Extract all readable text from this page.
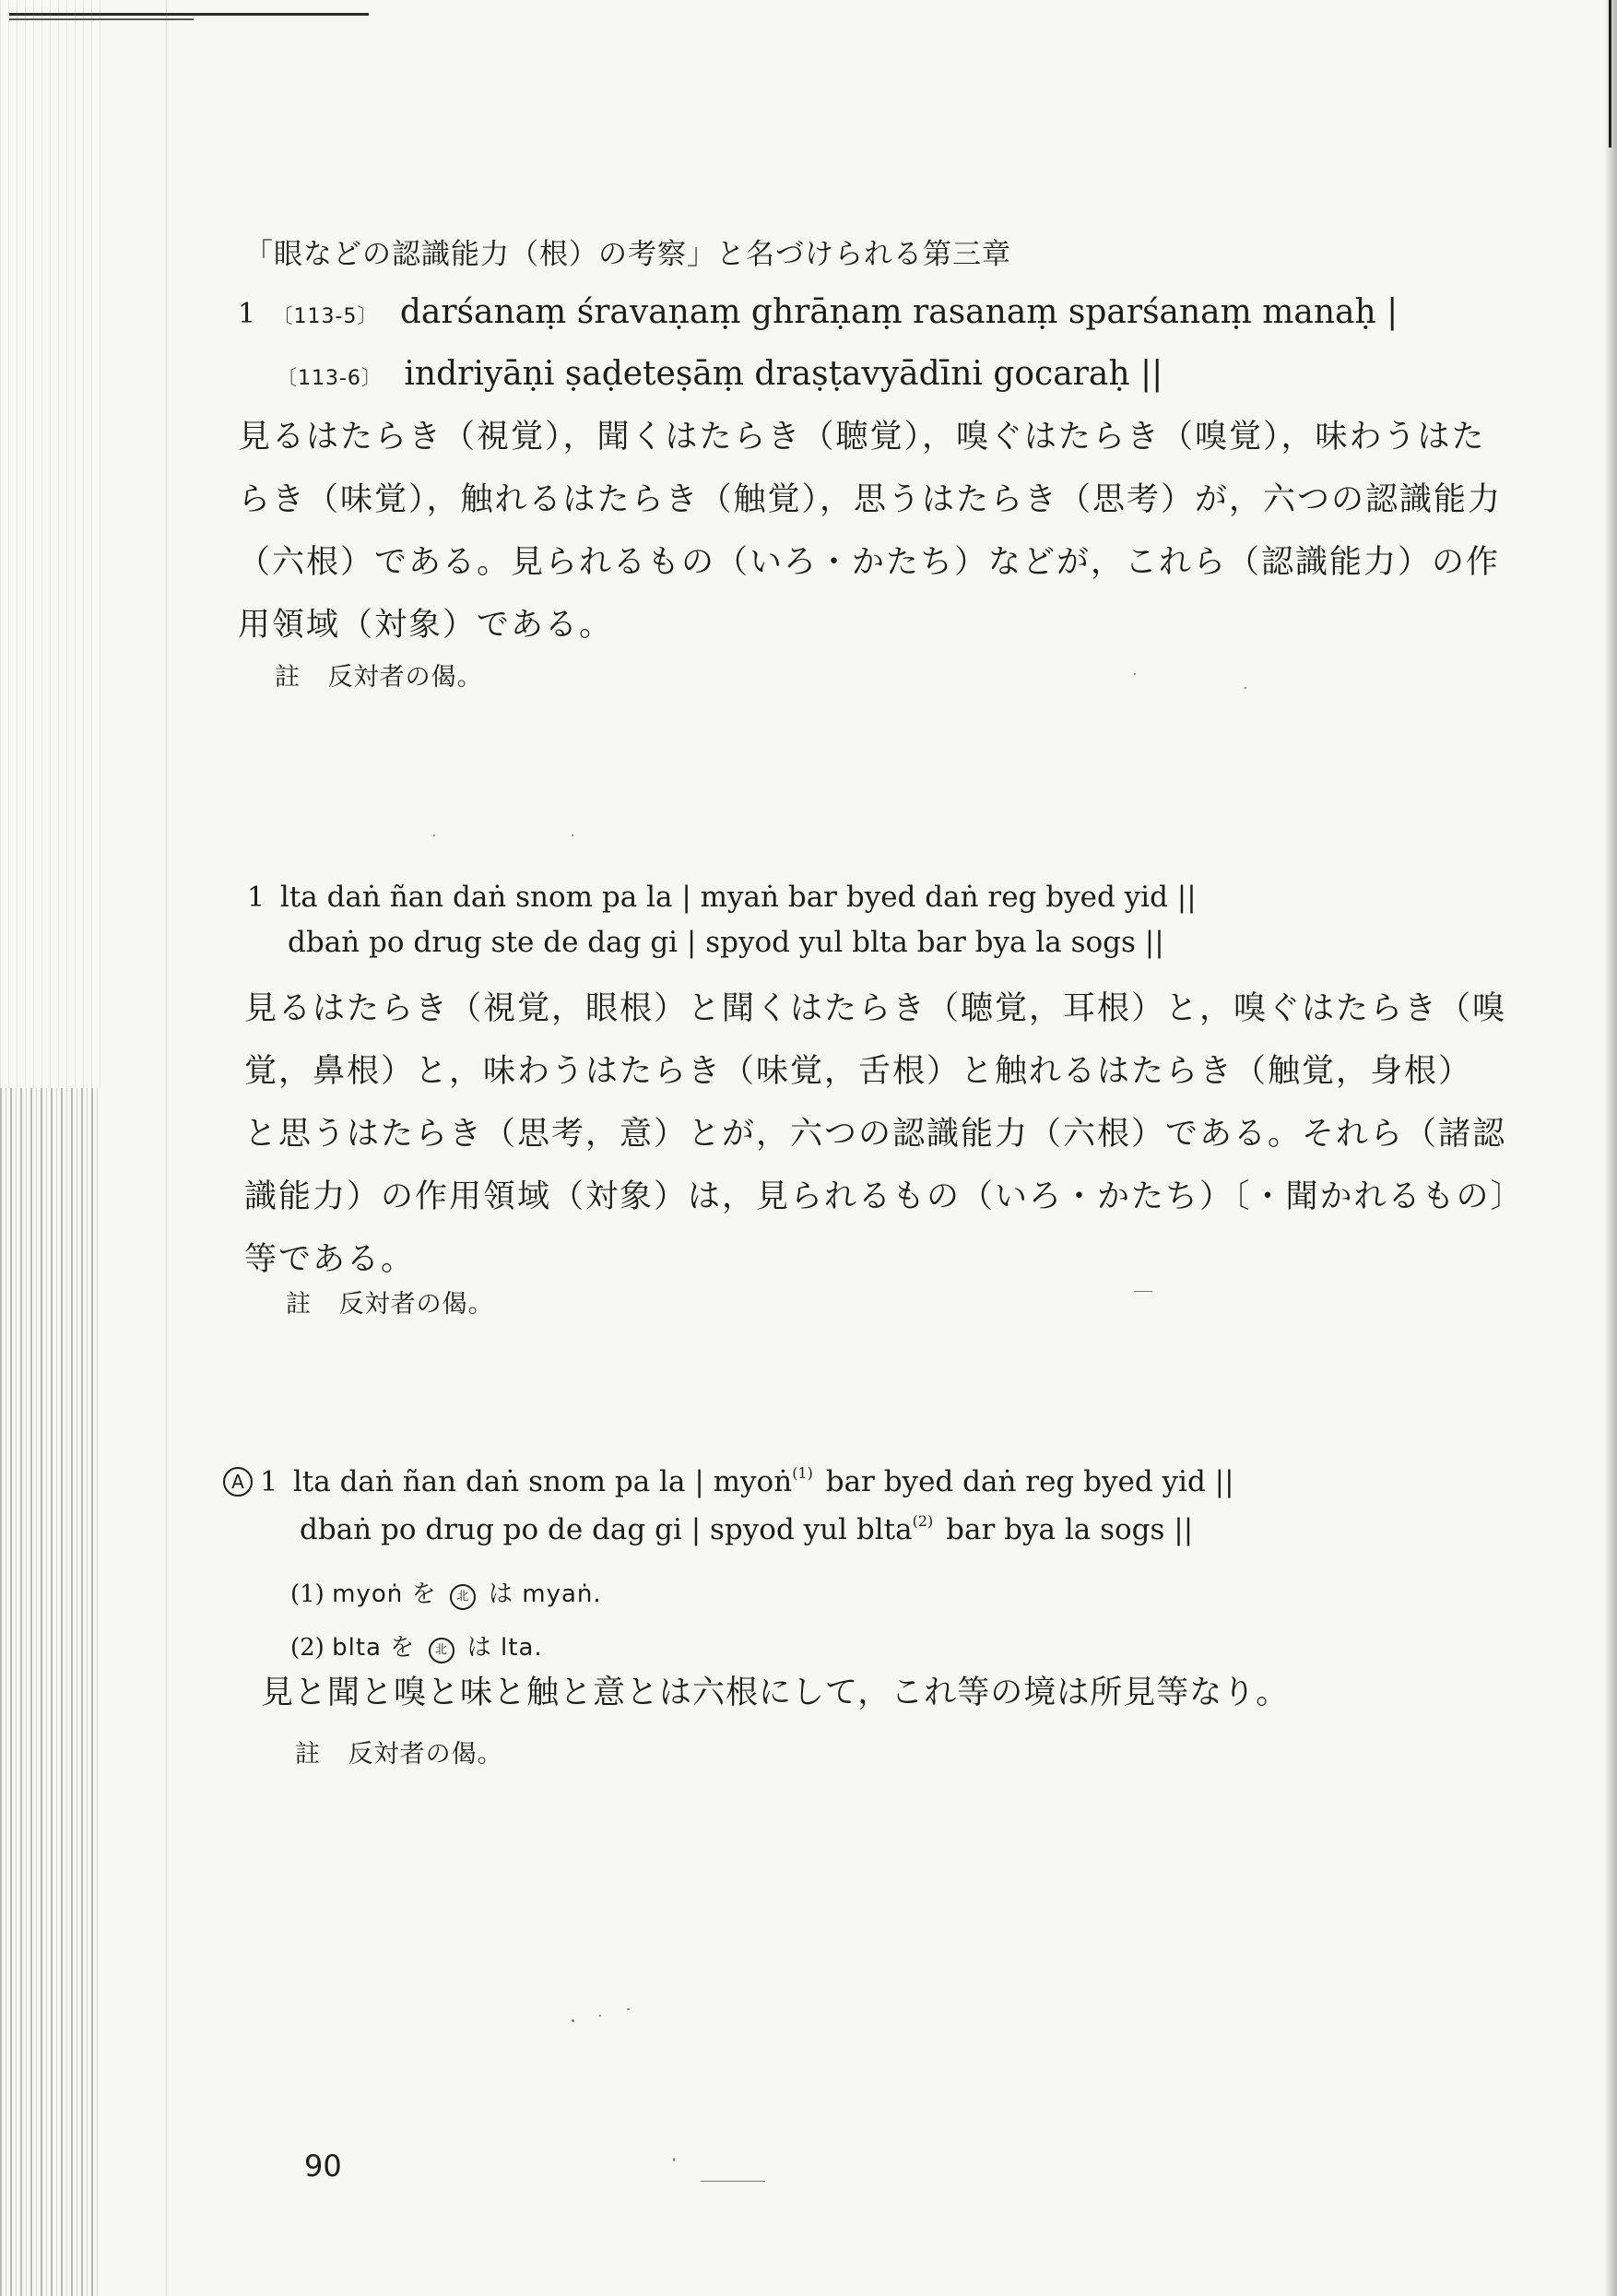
「眼などの認識能力（根）の考察」と名づけられる第三章
1 〔113-5〕 darśanaṃ śravaṇaṃ ghrāṇaṃ rasanaṃ sparśanaṃ manaḥ |
〔113-6〕 indriyāṇi ṣaḍeteṣāṃ draṣṭavyādīni gocaraḥ ||
見るはたらき（視覚），聞くはたらき（聴覚），嗅ぐはたらき（嗅覚），味わうはた
らき（味覚），触れるはたらき（触覚），思うはたらき（思考）が，六つの認識能力
（六根）である。見られるもの（いろ・かたち）などが，これら（認識能力）の作
用領域（対象）である。
註 反対者の偈。
1 lta daṅ ñan daṅ snom pa la | myaṅ bar byed daṅ reg byed yid ||
dbaṅ po drug ste de dag gi | spyod yul blta bar bya la sogs ||
見るはたらき（視覚，眼根）と聞くはたらき（聴覚，耳根）と，嗅ぐはたらき（嗅
覚，鼻根）と，味わうはたらき（味覚，舌根）と触れるはたらき（触覚，身根）
と思うはたらき（思考，意）とが，六つの認識能力（六根）である。それら（諸認
識能力）の作用領域（対象）は，見られるもの（いろ・かたち）〔・聞かれるもの〕
等である。
註 反対者の偈。
A 1 lta daṅ ñan daṅ snom pa la | myoṅ$^{(1)}$ bar byed daṅ reg byed yid ||
dbaṅ po drug po de dag gi | spyod yul blta$^{(2)}$ bar bya la sogs ||
(1) myoṅ を 北 は myaṅ.
(2) blta を 北 は lta.
見と聞と嗅と味と触と意とは六根にして，これ等の境は所見等なり。
註 反対者の偈。
90
